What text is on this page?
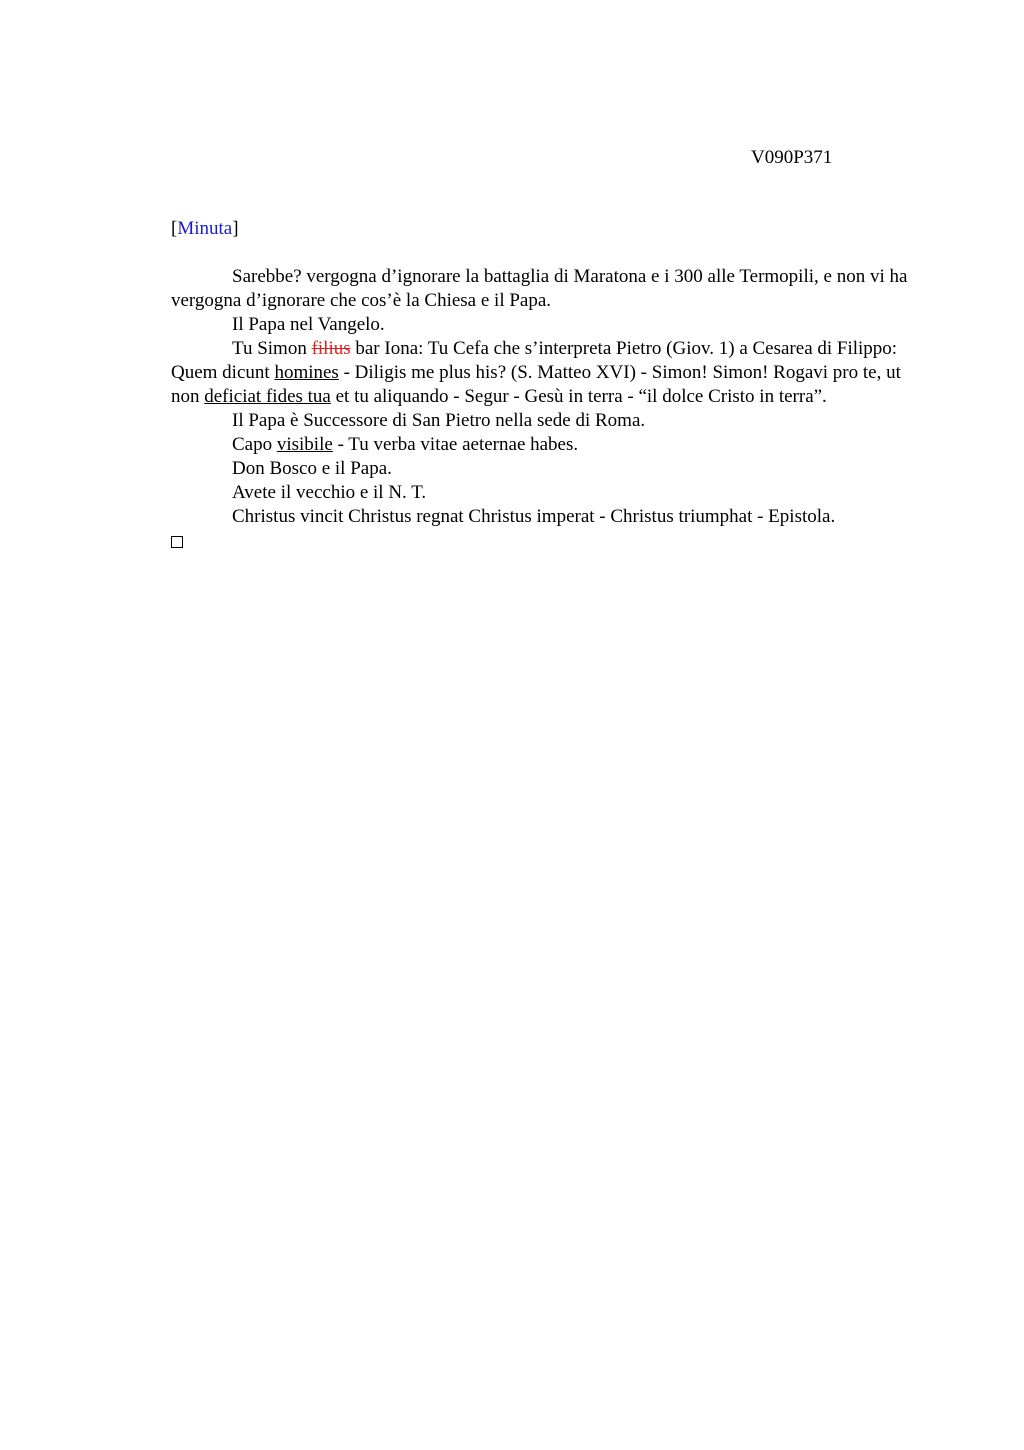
V090P371

[Minuta]

Sarebbe? vergogna d’ignorare la battaglia di Maratona e i 300 alle Termopili, e non vi ha vergogna d’ignorare che cos’è la Chiesa e il Papa.

Il Papa nel Vangelo.

Tu Simon filius bar Iona: Tu Cefa che s’interpreta Pietro (Giov. 1) a Cesarea di Filippo: Quem dicunt homines - Diligis me plus his? (S. Matteo XVI) - Simon! Simon! Rogavi pro te, ut non deficiat fides tua et tu aliquando - Segur - Gesù in terra - “il dolce Cristo in terra”.

Il Papa è Successore di San Pietro nella sede di Roma.

Capo visibile - Tu verba vitae aeternae habes.

Don Bosco e il Papa.

Avete il vecchio e il N. T.

Christus vincit Christus regnat Christus imperat - Christus triumphat - Epistola.
